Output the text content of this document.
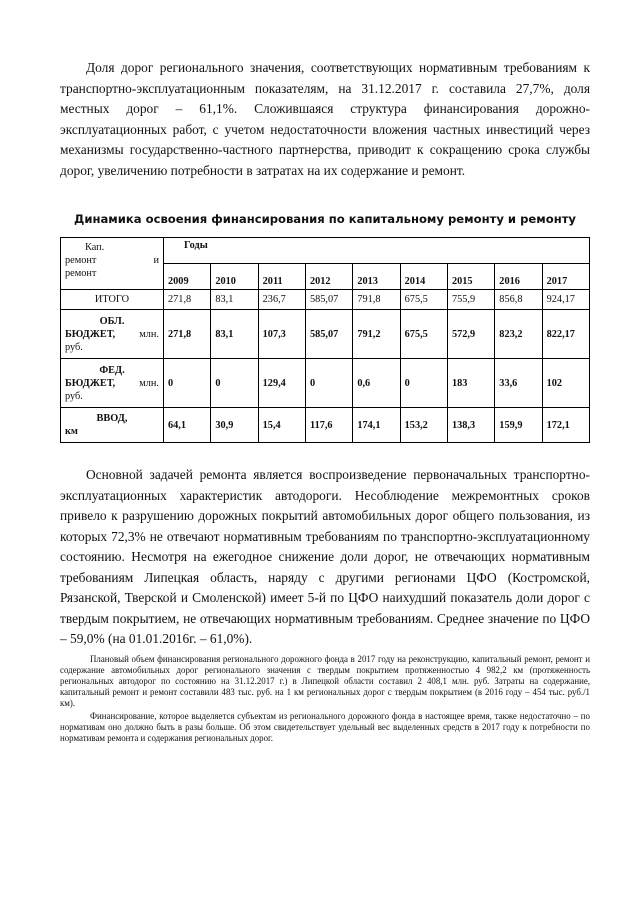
Доля дорог регионального значения, соответствующих нормативным требованиям к транспортно-эксплуатационным показателям, на 31.12.2017 г. составила 27,7%, доля местных дорог – 61,1%. Сложившаяся структура финансирования дорожно-эксплуатационных работ, с учетом недостаточности вложения частных инвестиций через механизмы государственно-частного партнерства, приводит к сокращению срока службы дорог, увеличению потребности в затратах на их содержание и ремонт.

Динамика освоения финансирования по капитальному ремонту и ремонту
Кап.
ремонт и
ремонт	Годы								
	2009	2010	2011	2012	2013	2014	2015	2016	2017

ИТОГО	271,8	83,1	236,7	585,07	791,8	675,5	755,9	856,8	924,17

ОБЛ.
БЮДЖЕТ, млн.
руб.	271,8	83,1	107,3	585,07	791,2	675,5	572,9	823,2	822,17

ФЕД.
БЮДЖЕТ, млн.
руб.	0	0	129,4	0	0,6	0	183	33,6	102

ВВОД,
км	64,1	30,9	15,4	117,6	174,1	153,2	138,3	159,9	172,1

Основной задачей ремонта является воспроизведение первоначальных транспортно-эксплуатационных характеристик автодороги. Несоблюдение межремонтных сроков привело к разрушению дорожных покрытий автомобильных дорог общего пользования, из которых 72,3% не отвечают нормативным требованиям по транспортно-эксплуатационному состоянию. Несмотря на ежегодное снижение доли дорог, не отвечающих нормативным требованиям Липецкая область, наряду с другими регионами ЦФО (Костромской, Рязанской, Тверской и Смоленской) имеет 5-й по ЦФО наихудший показатель доли дорог с твердым покрытием, не отвечающих нормативным требованиям. Среднее значение по ЦФО – 59,0% (на 01.01.2016г. – 61,0%).

Плановый объем финансирования регионального дорожного фонда в 2017 году на реконструкцию, капитальный ремонт, ремонт и содержание автомобильных дорог регионального значения с твердым покрытием протяженностью 4 982,2 км (протяженность региональных автодорог по состоянию на 31.12.2017 г.) в Липецкой области составил 2 408,1 млн. руб. Затраты на содержание, капитальный ремонт и ремонт составили 483 тыс. руб. на 1 км региональных дорог с твердым покрытием (в 2016 году – 454 тыс. руб./1 км).

Финансирование, которое выделяется субъектам из регионального дорожного фонда в настоящее время, также недостаточно – по нормативам оно должно быть в разы больше. Об этом свидетельствует удельный вес выделенных средств в 2017 году к потребности по нормативам ремонта и содержания региональных дорог.
